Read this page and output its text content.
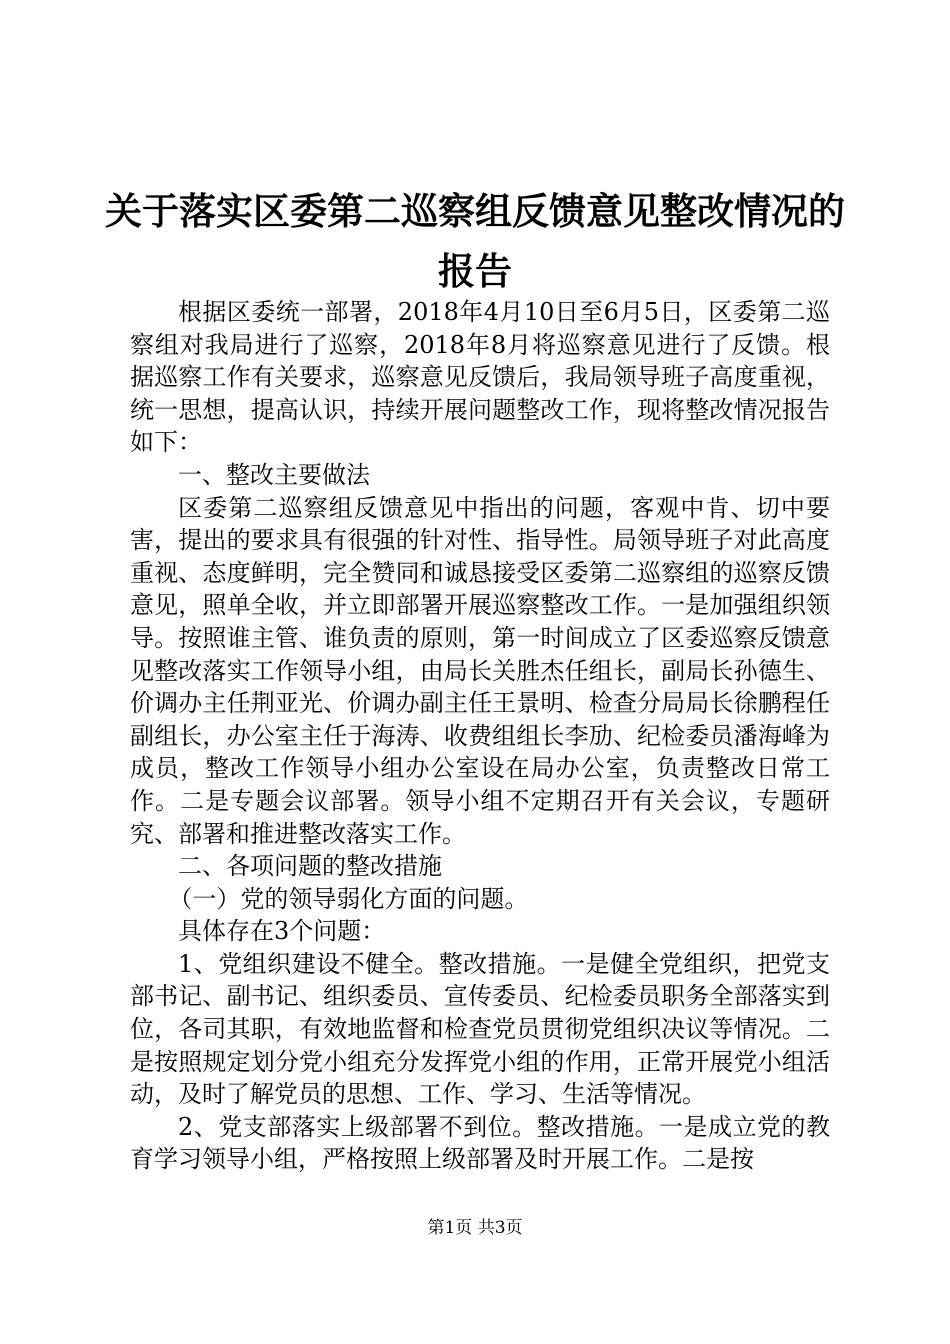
关于落实区委第二巡察组反馈意见整改情况的
报告

根据区委统一部署，2018年4月10日至6月5日，区委第二巡察组对我局进行了巡察，2018年8月将巡察意见进行了反馈。根据巡察工作有关要求，巡察意见反馈后，我局领导班子高度重视，统一思想，提高认识，持续开展问题整改工作，现将整改情况报告如下：

一、整改主要做法

区委第二巡察组反馈意见中指出的问题，客观中肯、切中要害，提出的要求具有很强的针对性、指导性。局领导班子对此高度重视、态度鲜明，完全赞同和诚恳接受区委第二巡察组的巡察反馈意见，照单全收，并立即部署开展巡察整改工作。一是加强组织领导。按照谁主管、谁负责的原则，第一时间成立了区委巡察反馈意见整改落实工作领导小组，由局长关胜杰任组长，副局长孙德生、价调办主任荆亚光、价调办副主任王景明、检查分局局长徐鹏程任副组长，办公室主任于海涛、收费组组长李劢、纪检委员潘海峰为成员，整改工作领导小组办公室设在局办公室，负责整改日常工作。二是专题会议部署。领导小组不定期召开有关会议，专题研究、部署和推进整改落实工作。

二、各项问题的整改措施

（一）党的领导弱化方面的问题。

具体存在3个问题：

1、党组织建设不健全。整改措施。一是健全党组织，把党支部书记、副书记、组织委员、宣传委员、纪检委员职务全部落实到位，各司其职，有效地监督和检查党员贯彻党组织决议等情况。二是按照规定划分党小组充分发挥党小组的作用，正常开展党小组活动，及时了解党员的思想、工作、学习、生活等情况。

2、党支部落实上级部署不到位。整改措施。一是成立党的教育学习领导小组，严格按照上级部署及时开展工作。二是按

第1页 共3页
